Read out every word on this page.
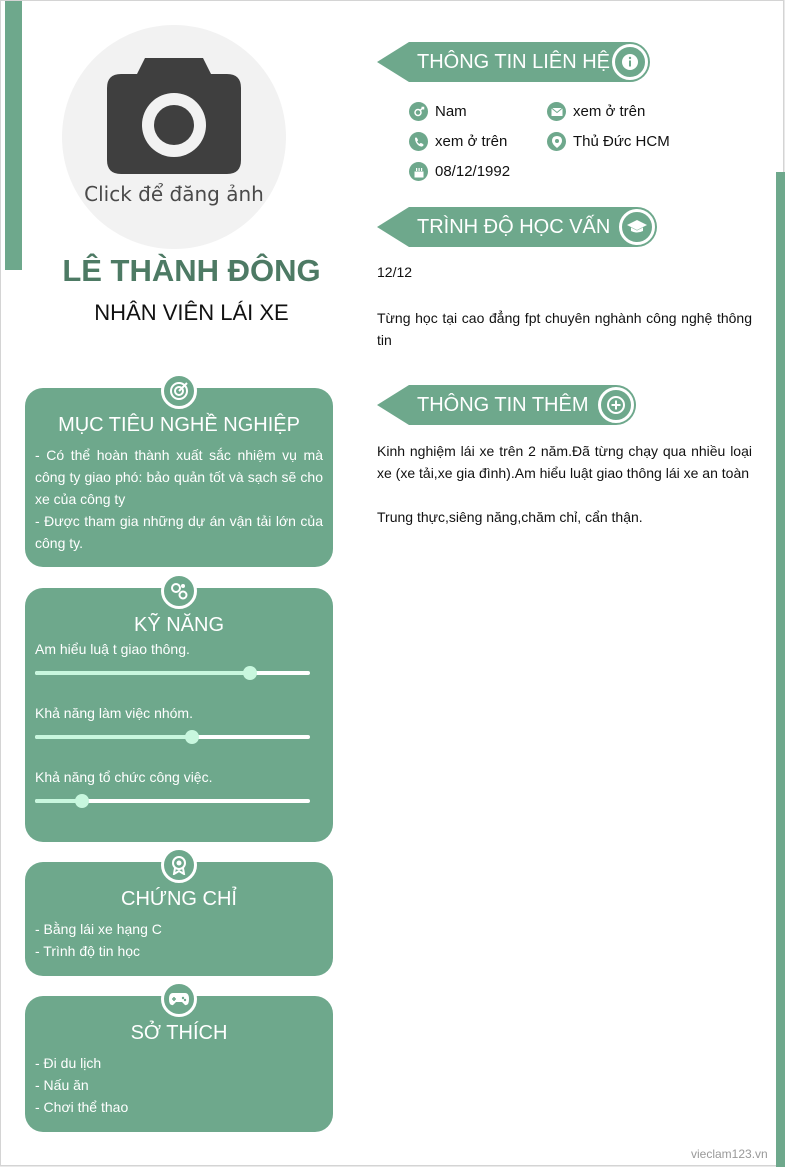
Click để đăng ảnh
LÊ THÀNH ĐÔNG
NHÂN VIÊN LÁI XE
MỤC TIÊU NGHỀ NGHIỆP
- Có thể hoàn thành xuất sắc nhiệm vụ mà công ty giao phó: bảo quản tốt và sạch sẽ cho xe của công ty
- Được tham gia những dự án vận tải lớn của công ty.
KỸ NĂNG
Am hiểu luậ t giao thông.
Khả năng làm việc nhóm.
Khả năng tổ chức công việc.
CHỨNG CHỈ
- Bằng lái xe hạng C
- Trình độ tin học
SỞ THÍCH
- Đi du lịch
- Nấu ăn
- Chơi thể thao
THÔNG TIN LIÊN HỆ
Nam	xem ở trên
xem ở trên	Thủ Đức HCM
08/12/1992
TRÌNH ĐỘ HỌC VẤN
12/12
Từng học tại cao đẳng fpt chuyên nghành công nghệ thông tin
THÔNG TIN THÊM
Kinh nghiệm lái xe trên 2 năm.Đã từng chạy qua nhiều loại xe (xe tải,xe gia đình).Am hiểu luật giao thông lái xe an toàn
Trung thực,siêng năng,chăm chỉ, cẩn thận.
vieclam123.vn
